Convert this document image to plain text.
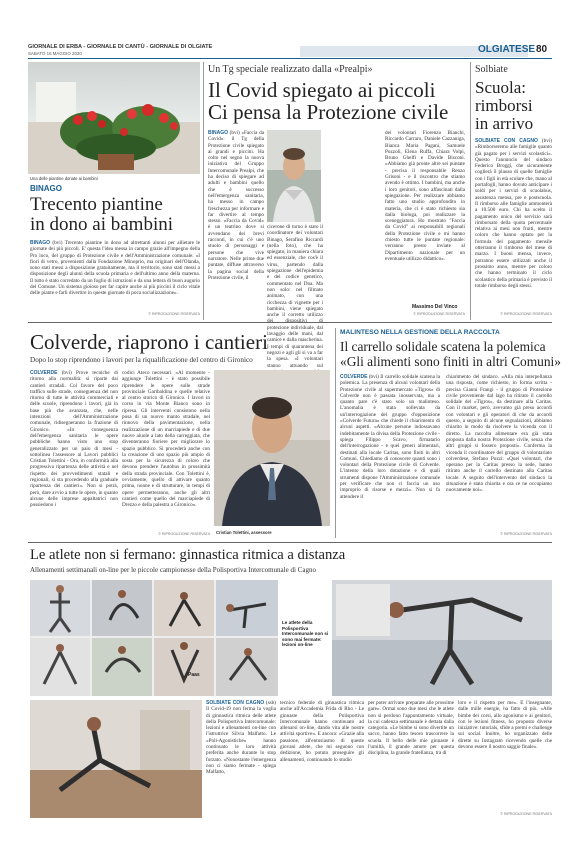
GIORNALE DI ERBA - GIORNALE DI CANTÙ - GIORNALE DI OLGIATE
SABATO 16 MAGGIO 2020	OLGIATESE 80
Una delle piantine donate ai bambini
BINAGO
Trecento piantine
in dono ai bambini
BINAGO (bvi) Trecento piantine in dono ad altrettanti alunni per allietare le giornate dei più piccoli. E' questa l'idea messa in campo grazie all'impegno della Pro loco, del gruppo di Protezione civile e dell'Amministrazione comunale. «I fiori di vetro, provenienti dalla Fondazione Minoprio, ma originari dell'Olanda, sono stati messi a disposizione gratuitamente, ma il territorio, sono stati messi a disposizione degli alunni della scuola primaria e dell'ultimo anno della materna. Il tutto è stato corredato da un foglio di istruzioni e da una lettera di buon augurio del Comune. Un sistema gioioso per far capire anche ai più piccini il ciclo vitale delle piante e farli divertire in queste giornate di poca socializzazione».
© RIPRODUZIONE RISERVATA
Un Tg speciale realizzato dalla «Prealpi»
Il Covid spiegato ai piccoli
Ci pensa la Protezione civile
BINAGO (bvi) «Faccia da Covid»: il Tg della Protezione civile spiegato ai grandi e piccini. Ha colto nel segno la nuova iniziativa del Gruppo Intercomunale Prealpi, che ha deciso di spiegare ad adulti e bambini quello che è successo nell'emergenza sanitaria, ha messo in campo freschezza per informare e far divertire al tempo stesso. «Faccia da Covid» è un teatrino dove si avvendano dei brevi racconti, in cui c'è uno stuolo di personaggi e persone che vive narratore. Nelle prime due puntate, diffuse attraverso la pagina social della Protezione civile, il
cicerone di turno è stato il coordinatore dei volontari Binago, Serafino Riccardi (nella foto), che ha spiegato, in maniera chiara ed essenziale, che cos'è il virus, partendo dalla spiegazione dell'epidemia e del codice genetico, commentato nel Dna. Ma non solo: nel filmato animato, con una ricchezza di vignette per i bambini, viene spiegato anche il corretto utilizzo protezione individuale, dal lavaggio delle mani, dal camice e dalla mascherina. I tempi di quarantena dei negozi e agli gli si va a far la spesa. «I volontari stanno attuando sul
dei volontari Fiorenzo Bianchi, Riccardo Carraro, Daniele Cazzaniga, Bianca Maria Pagani, Samuele Pozzoli, Elena Ruffa, Chiara Volpi, Bruno Ghelfi e Davide Bisconi. «Abbiamo già pronte altre sei puntate - precisa il responsabile Renzo Grisoni - e il riscontro che stiamo avendo è ottimo. I bambini, ma anche i loro genitori, sono affascinati dalla spiegazione. Per realizzare abbiamo fatto uno studio approfondito in materia, che ci è stato richiesto sia dalla biologa, poi realizzare la sceneggiatura. Ho mostrato "Faccia da Covid" ai responsabili regionali della Protezione civile e mi hanno chiesto tutte le puntate regionale: verranno presto inviate al Dipartimento nazionale per un eventuale utilizzo didattico».
Massimo Del Vinco
© RIPRODUZIONE RISERVATA
Solbiate
Scuola:
rimborsi
in arrivo
SOLBIATE CON CAGNO (bvi) «Rimborseremo alle famiglie quanto già pagato per i servizi scolastici». Questo l'annuncio del sindaco Federico Broggi, che sicuramente coglierà il plauso di quelle famiglie con i figli in età scolare che, mano al portafogli, hanno dovuto anticipare i soldi per i servizi di scuolabus, assistenza mensa, pre e postscuola. Il rimborso alle famiglie ammonterà a 10.500 euro. Chi ha scelto il pagamento unico del servizio sarà rimborsato della quota percentuale relativa ai mesi non fruiti, mentre coloro che hanno optato per la formula del pagamento mensile otterranno il rimborso del mese di marzo. I buoni mensa, invece, potranno essere utilizzati anche il prossimo anno, mentre per coloro che hanno terminato il ciclo scolastico della primaria è previsto il totale rimborso degli stessi.
© RIPRODUZIONE RISERVATA
Colverde, riaprono i cantieri
Dopo lo stop riprendono i lavori per la riqualificazione del centro di Gironico
COLVERDE (bvi) Prove tecniche di ritorno alla normalità: si riparte dai cantieri stradali. Col favore del poco traffico sulle strade, conseguenza del non ritorno di tutte le attività commerciali e delle scuole, riprendono i lavori, già in base più che avanzata, che, nelle intenzioni dell'Amministrazione comunale, ridisegneranno la frazione di Gironico. «In conseguenza dell'emergenza sanitaria le opere pubbliche hanno visto uno stop generalizzato per un paio di mesi - sottolinea l'assessore ai Lavori pubblici Cristian Tolettini - Ora, in conformità alla progressiva ripartenza delle attività e nel rispetto dei provvedimenti statali e regionali, si sta procedendo alla graduale ripartenza dei cantieri». Non si potrà, però, dare avvio a tutte le opere, in quanto alcune delle imprese appaltatrici non possiedono i
codici Ateco necessari. «Al momento - aggiunge Tolettini - è stato possibile riprendere le opere sulle strade provinciale Garibaldina e quelle relative al centro storico di Gironico. I lavori in corso in via Monte Bianco sono in ripresa. Gli interventi consistono nella posa di un nuovo manto stradale, nel rinnovo della pavimentazione, nella realizzazione di un marciapiede e di due nuove aiuole a lato della carreggiata, che diventeranno fioriere per migliorare lo spazio pubblico. Si procederà anche con la creazione di uno spazio più ampio di sosta per la sicurezza di coloro che devono prendere l'autobus in prossimità della strada provinciale. Con Tolettini è, ovviamente, quello di attivare quanto prima, nonne e di strutturare, in tempi di opere permetteranno, anche gli altri cantieri come quello del marciapiede di Drezzo e della palestra a Gironico».
© RIPRODUZIONE RISERVATA Cristian Tolettini, assessore
MALINTESO NELLA GESTIONE DELLA RACCOLTA
Il carrello solidale scatena la polemica
«Gli alimenti sono finiti in altri Comuni»
COLVERDE (bvi) Il carrello solidale scatena la polemica. La presenza di alcuni volontari della Protezione civile al supermercato «Tigros» di Colverde non è passata inosservata, ma a quanto pare c'è stato solo un malinteso. L'anomalia è stata sollevata da un'interrogazione del gruppo d'opposizione «Colverde Futura» che chiede il chiarimento di alcuni aspetti. «Alcune persone indossavano indebitamente la divisa della Protezione civile - spiega Filippo Scavo, firmatario dell'interrogazione - e quei generi alimentari, destinati alla locale Caritas, sono finiti in altri Comuni. Chiediamo di conoscere quanti sono i volontari della Protezione civile di Colverde. L'intento della loro dotazione e di quali strumenti dispone l'Amministrazione comunale per verificare che non ci faccia un uso improprio di risorse e mezzi». Non si fa attendere il
chiarimento del sindaco. «Alla mia interpellanza una risposta, come richiesto, in forma scritta - precisa Gianni Frangi - il gruppo di Protezione civile proveniente dal lago ha ritirato il carrello solidale del «Tigros», da destinare alla Caritas. Con il market, però, avevamo già preso accordi con volontari e gli operatori di che da accordi questo, a seguito di alcune segnalazioni, abbiamo chiarito in modo da risolvere la vicenda con il diretto. La raccolta alimentare era già stata proposta dalla nostra Protezione civile, senza che altri gruppi si fossero proposti». Conferma la vicenda il coordinatore del gruppo di volontariato colverdese, Stefano Pozzi: «Quei volontari, che operano per la Caritas presso la sede, hanno ritirato anche il carrello destinato alla Caritas locale. A seguito dell'intervento del sindaco la situazione è stata chiarita e ora ce ne occupiamo nuovamente noi».
© RIPRODUZIONE RISERVATA
Le atlete non si fermano: ginnastica ritmica a distanza
Allenamenti settimanali on-line per le piccole campionesse della Polisportiva Intercomunale di Cagno
Paas
Le atlete della Polisportiva Intercomunale non si sono mai fermate: lezioni on-line
SOLBIATE CON CAGNO (ssb) Il Covid-19 non ferma la voglia di ginnastica ritmica delle atlete della Polisportiva Intercomunale: lezioni e allenamenti on-line con l'istruttrice Silvia Malfatto. Le «Poli-Agonistiche» hanno continuato le loro attività preferita anche durante lo stop forzato. «Nonostante l'emergenza non ci siamo fermate - spiega Malfatto,
tecnico federale di ginnastica ritmica anche all'Accademia Frida di Rho - Le ginnaste della Polisportiva Intercomunale hanno continuato ad allenarsi on-line, dando vita alle nostre attività sportive». E ancora: «Grazie alla passione, all'entusiasmo di queste giovani atlete, che mi seguono con dedizione, ho potuto proseguire gli allenamenti, continuando lo studio
per poter arrivare preparate alle prossime gare». Ormai sono due mesi che le atlete non si perdono l'appuntamento virtuale, la cui cadenza settimanale è dettata dalla categoria. «Le bimbe si sono divertite un sacco, hanno fatto tesoro trascorrere la scuola. Il bello delle mie ginnaste è l'umiltà, il grande amore per questa disciplina, la grande fratellanza, tra di
loro e il rispetto per me». E l'insegnante, dalle mille energie, ha fatto di più. «Alle bimbe dei corsi, allo agonismo e ai genitori, con le lezioni fitness, ho proposto diverse iniziative: tutorials, sfide a premi e challenge sui social. Inoltre, ho organizzato delle dirette su Instagram ricevendo quelle che devono essere il nostro saggio finale».
© RIPRODUZIONE RISERVATA
